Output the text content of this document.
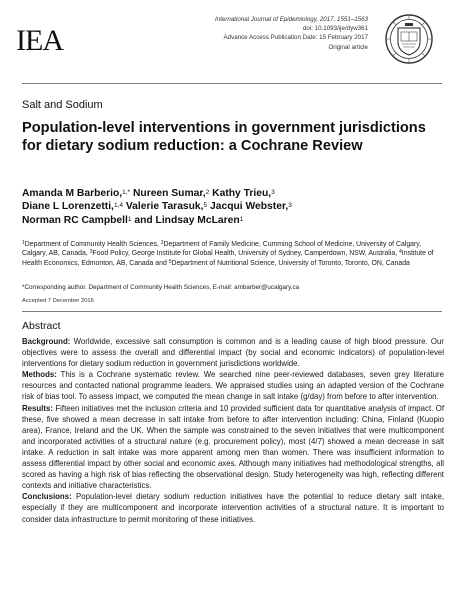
IEA
International Journal of Epidemiology, 2017, 1551–1563
doi: 10.1093/ije/dyw361
Advance Access Publication Date: 15 February 2017
Original article
Salt and Sodium
Population-level interventions in government jurisdictions for dietary sodium reduction: a Cochrane Review
Amanda M Barberio,$^{1,*}$ Nureen Sumar,$^2$ Kathy Trieu,$^3$
Diane L Lorenzetti,$^{1,4}$ Valerie Tarasuk,$^5$ Jacqui Webster,$^3$
Norman RC Campbell$^1$ and Lindsay McLaren$^1$
$^1$Department of Community Health Sciences, $^2$Department of Family Medicine, Cumming School of Medicine, University of Calgary, Calgary, AB, Canada, $^3$Food Policy, George Institute for Global Health, University of Sydney, Camperdown, NSW, Australia, $^4$Institute of Health Economics, Edmonton, AB, Canada and $^5$Department of Nutritional Science, University of Toronto, Toronto, ON, Canada
*Corresponding author. Department of Community Health Sciences, E-mail: ambarber@ucalgary.ca
Accepted 7 December 2016
Abstract

Background: Worldwide, excessive salt consumption is common and is a leading cause of high blood pressure. Our objectives were to assess the overall and differential impact (by social and economic indicators) of population-level interventions for dietary sodium reduction in government jurisdictions worldwide.

Methods: This is a Cochrane systematic review. We searched nine peer-reviewed databases, seven grey literature resources and contacted national programme leaders. We appraised studies using an adapted version of the Cochrane risk of bias tool. To assess impact, we computed the mean change in salt intake (g/day) from before to after intervention.

Results: Fifteen initiatives met the inclusion criteria and 10 provided sufficient data for quantitative analysis of impact. Of these, five showed a mean decrease in salt intake from before to after intervention including: China, Finland (Kuopio area), France, Ireland and the UK. When the sample was constrained to the seven initiatives that were multicomponent and incorporated activities of a structural nature (e.g. procurement policy), most (4/7) showed a mean decrease in salt intake. A reduction in salt intake was more apparent among men than women. There was insufficient information to assess differential impact by other social and economic axes. Although many initiatives had methodological strengths, all scored as having a high risk of bias reflecting the observational design. Study heterogeneity was high, reflecting different contexts and initiative characteristics.

Conclusions: Population-level dietary sodium reduction initiatives have the potential to reduce dietary salt intake, especially if they are multicomponent and incorporate intervention activities of a structural nature. It is important to consider data infrastructure to permit monitoring of these initiatives.
